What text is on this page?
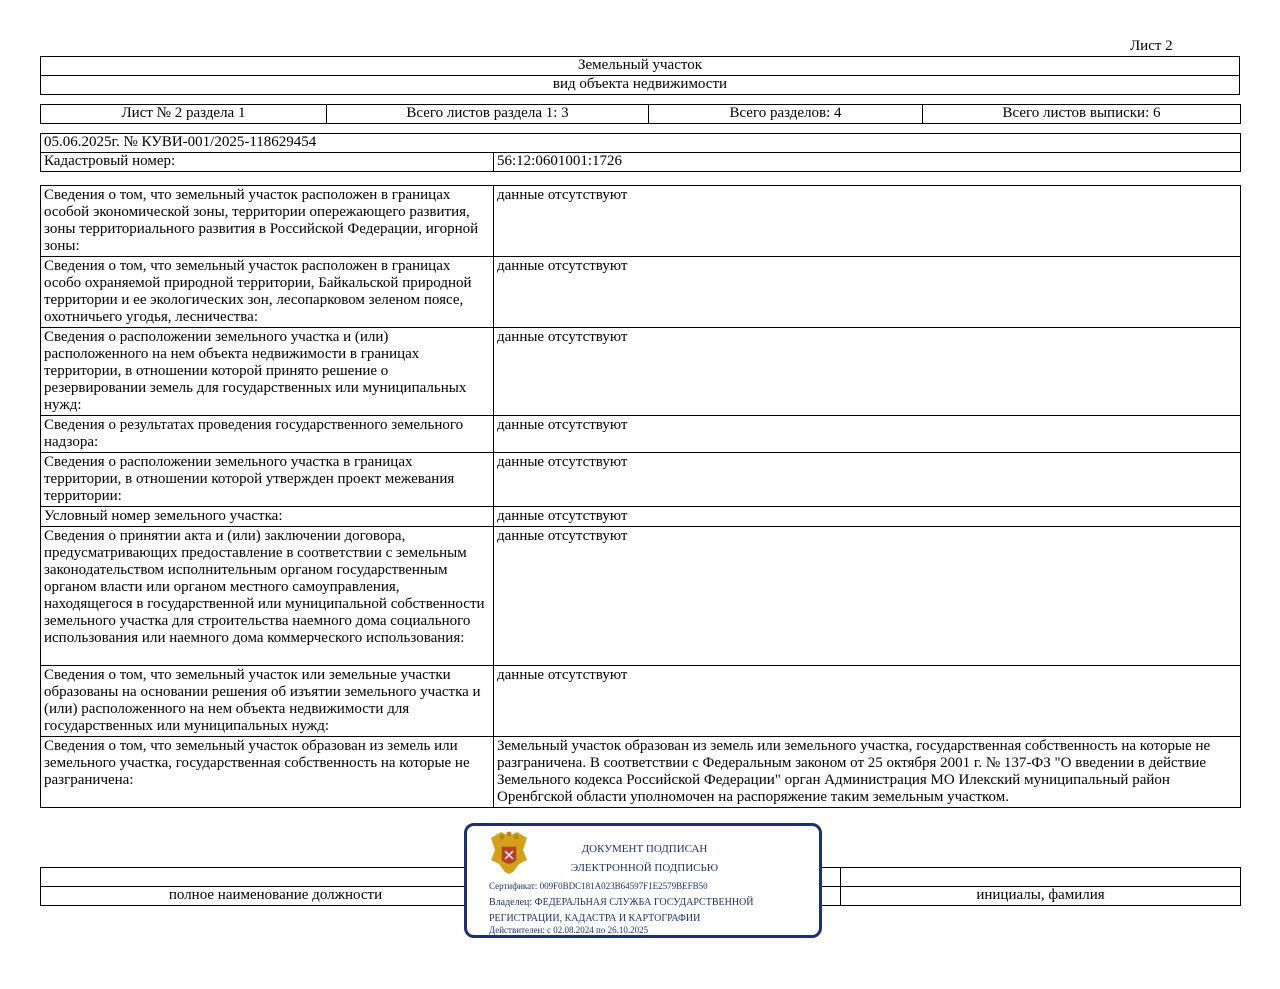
Лист 2
Земельный участок
вид объекта недвижимости
Лист № 2 раздела 1	Всего листов раздела 1: 3	Всего разделов: 4	Всего листов выписки: 6
05.06.2025г. № КУВИ-001/2025-118629454
Кадастровый номер:	56:12:0601001:1726
Сведения о том, что земельный участок расположен в границах особой экономической зоны, территории опережающего развития, зоны территориального развития в Российской Федерации, игорной зоны:	данные отсутствуют
Сведения о том, что земельный участок расположен в границах особо охраняемой природной территории, Байкальской природной территории и ее экологических зон, лесопарковом зеленом поясе, охотничьего угодья, лесничества:	данные отсутствуют
Сведения о расположении земельного участка и (или) расположенного на нем объекта недвижимости в границах территории, в отношении которой принято решение о резервировании земель для государственных или муниципальных нужд:	данные отсутствуют
Сведения о результатах проведения государственного земельного надзора:	данные отсутствуют
Сведения о расположении земельного участка в границах территории, в отношении которой утвержден проект межевания территории:	данные отсутствуют
Условный номер земельного участка:	данные отсутствуют
Сведения о принятии акта и (или) заключении договора, предусматривающих предоставление в соответствии с земельным законодательством исполнительным органом государственным органом власти или органом местного самоуправления, находящегося в государственной или муниципальной собственности земельного участка для строительства наемного дома социального использования или наемного дома коммерческого использования:	данные отсутствуют
Сведения о том, что земельный участок или земельные участки образованы на основании решения об изъятии земельного участка и (или) расположенного на нем объекта недвижимости для государственных или муниципальных нужд:	данные отсутствуют
Сведения о том, что земельный участок образован из земель или земельного участка, государственная собственность на которые не разграничена:	Земельный участок образован из земель или земельного участка, государственная собственность на которые не разграничена. В соответствии с Федеральным законом от 25 октября 2001 г. № 137-ФЗ "О введении в действие Земельного кодекса Российской Федерации" орган Администрация МО Илекский муниципальный район Оренбгской области уполномочен на распоряжение таким земельным участком.

полное наименование должности		инициалы, фамилия
ДОКУМЕНТ ПОДПИСАН
ЭЛЕКТРОННОЙ ПОДПИСЬЮ
Сертификат: 009F0BDC181A023B64597F1E2579BEFB50
Владелец: ФЕДЕРАЛЬНАЯ СЛУЖБА ГОСУДАРСТВЕННОЙ
РЕГИСТРАЦИИ, КАДАСТРА И КАРТОГРАФИИ
Действителен: с 02.08.2024 по 26.10.2025
